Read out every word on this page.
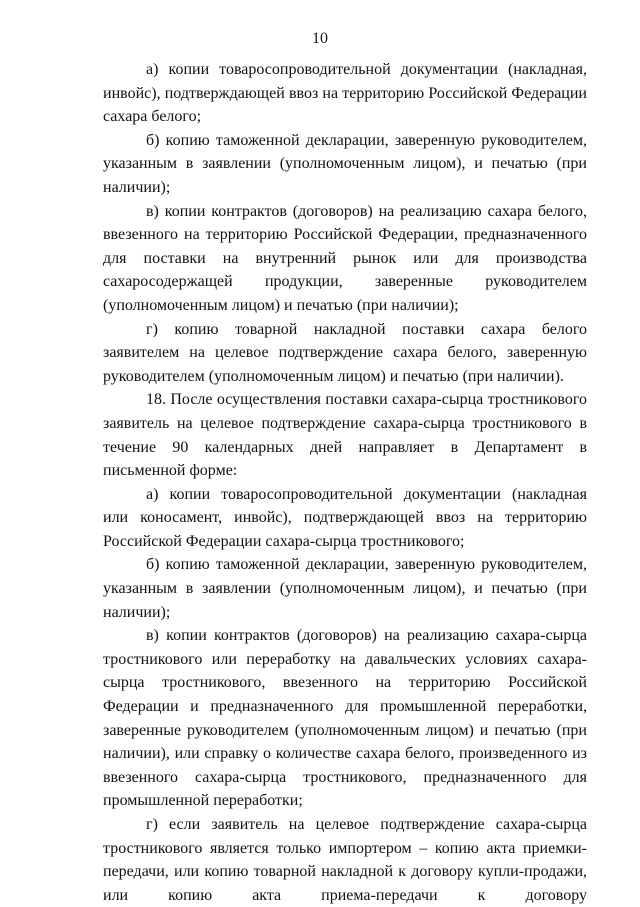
10

а) копии товаросопроводительной документации (накладная, инвойс), подтверждающей ввоз на территорию Российской Федерации сахара белого;

б) копию таможенной декларации, заверенную руководителем, указанным в заявлении (уполномоченным лицом), и печатью (при наличии);

в) копии контрактов (договоров) на реализацию сахара белого, ввезенного на территорию Российской Федерации, предназначенного для поставки на внутренний рынок или для производства сахаросодержащей продукции, заверенные руководителем (уполномоченным лицом) и печатью (при наличии);

г) копию товарной накладной поставки сахара белого заявителем на целевое подтверждение сахара белого, заверенную руководителем (уполномоченным лицом) и печатью (при наличии).

18. После осуществления поставки сахара-сырца тростникового заявитель на целевое подтверждение сахара-сырца тростникового в течение 90 календарных дней направляет в Департамент в письменной форме:

а) копии товаросопроводительной документации (накладная или коносамент, инвойс), подтверждающей ввоз на территорию Российской Федерации сахара-сырца тростникового;

б) копию таможенной декларации, заверенную руководителем, указанным в заявлении (уполномоченным лицом), и печатью (при наличии);

в) копии контрактов (договоров) на реализацию сахара-сырца тростникового или переработку на давальческих условиях сахара-сырца тростникового, ввезенного на территорию Российской Федерации и предназначенного для промышленной переработки, заверенные руководителем (уполномоченным лицом) и печатью (при наличии), или справку о количестве сахара белого, произведенного из ввезенного сахара-сырца тростникового, предназначенного для промышленной переработки;

г) если заявитель на целевое подтверждение сахара-сырца тростникового является только импортером – копию акта приемки-передачи, или копию товарной накладной к договору купли-продажи, или копию акта приема-передачи к договору
